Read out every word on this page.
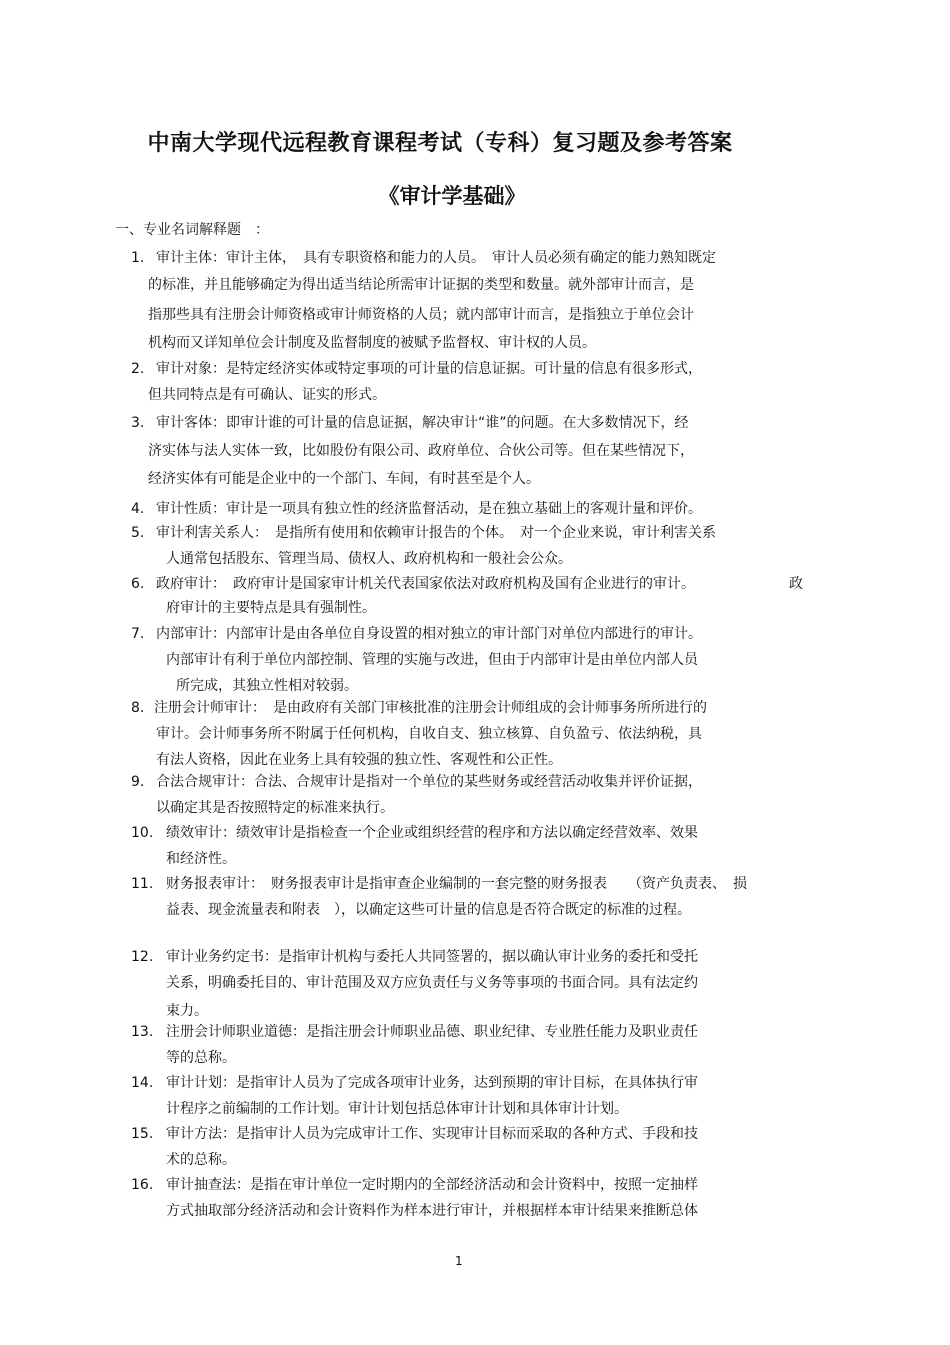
中南大学现代远程教育课程考试（专科）复习题及参考答案
《审计学基础》
一、专业名词解释题　：
1. 审计主体：审计主体，　具有专职资格和能力的人员。　审计人员必须有确定的能力熟知既定
的标准，并且能够确定为得出适当结论所需审计证据的类型和数量。就外部审计而言，是
指那些具有注册会计师资格或审计师资格的人员；就内部审计而言，是指独立于单位会计
机构而又详知单位会计制度及监督制度的被赋予监督权、审计权的人员。
2. 审计对象：是特定经济实体或特定事项的可计量的信息证据。可计量的信息有很多形式，
但共同特点是有可确认、证实的形式。
3. 审计客体：即审计谁的可计量的信息证据，解决审计“谁”的问题。在大多数情况下，经
济实体与法人实体一致，比如股份有限公司、政府单位、合伙公司等。但在某些情况下，
经济实体有可能是企业中的一个部门、车间，有时甚至是个人。
4. 审计性质：审计是一项具有独立性的经济监督活动，是在独立基础上的客观计量和评价。
5. 审计利害关系人：　是指所有使用和依赖审计报告的个体。　对一个企业来说，审计利害关系
人通常包括股东、管理当局、债权人、政府机构和一般社会公众。
6. 政府审计：　政府审计是国家审计机关代表国家依法对政府机构及国有企业进行的审计。
府审计的主要特点是具有强制性。
政
7. 内部审计：内部审计是由各单位自身设置的相对独立的审计部门对单位内部进行的审计。
内部审计有利于单位内部控制、管理的实施与改进，但由于内部审计是由单位内部人员
所完成，其独立性相对较弱。
8. 注册会计师审计：　是由政府有关部门审核批准的注册会计师组成的会计师事务所所进行的
审计。会计师事务所不附属于任何机构，自收自支、独立核算、自负盈亏、依法纳税，具
有法人资格，因此在业务上具有较强的独立性、客观性和公正性。
9. 合法合规审计：合法、合规审计是指对一个单位的某些财务或经营活动收集并评价证据，
以确定其是否按照特定的标准来执行。
10. 绩效审计：绩效审计是指检查一个企业或组织经营的程序和方法以确定经营效率、效果
和经济性。
11. 财务报表审计：　财务报表审计是指审查企业编制的一套完整的财务报表　　（资产负责表、　损
益表、现金流量表和附表　），以确定这些可计量的信息是否符合既定的标准的过程。
12. 审计业务约定书：是指审计机构与委托人共同签署的，据以确认审计业务的委托和受托
关系，明确委托目的、审计范围及双方应负责任与义务等事项的书面合同。具有法定约
束力。
13. 注册会计师职业道德：是指注册会计师职业品德、职业纪律、专业胜任能力及职业责任
等的总称。
14. 审计计划：是指审计人员为了完成各项审计业务，达到预期的审计目标，在具体执行审
计程序之前编制的工作计划。审计计划包括总体审计计划和具体审计计划。
15. 审计方法：是指审计人员为完成审计工作、实现审计目标而采取的各种方式、手段和技
术的总称。
16. 审计抽查法：是指在审计单位一定时期内的全部经济活动和会计资料中，按照一定抽样
方式抽取部分经济活动和会计资料作为样本进行审计，并根据样本审计结果来推断总体
1
